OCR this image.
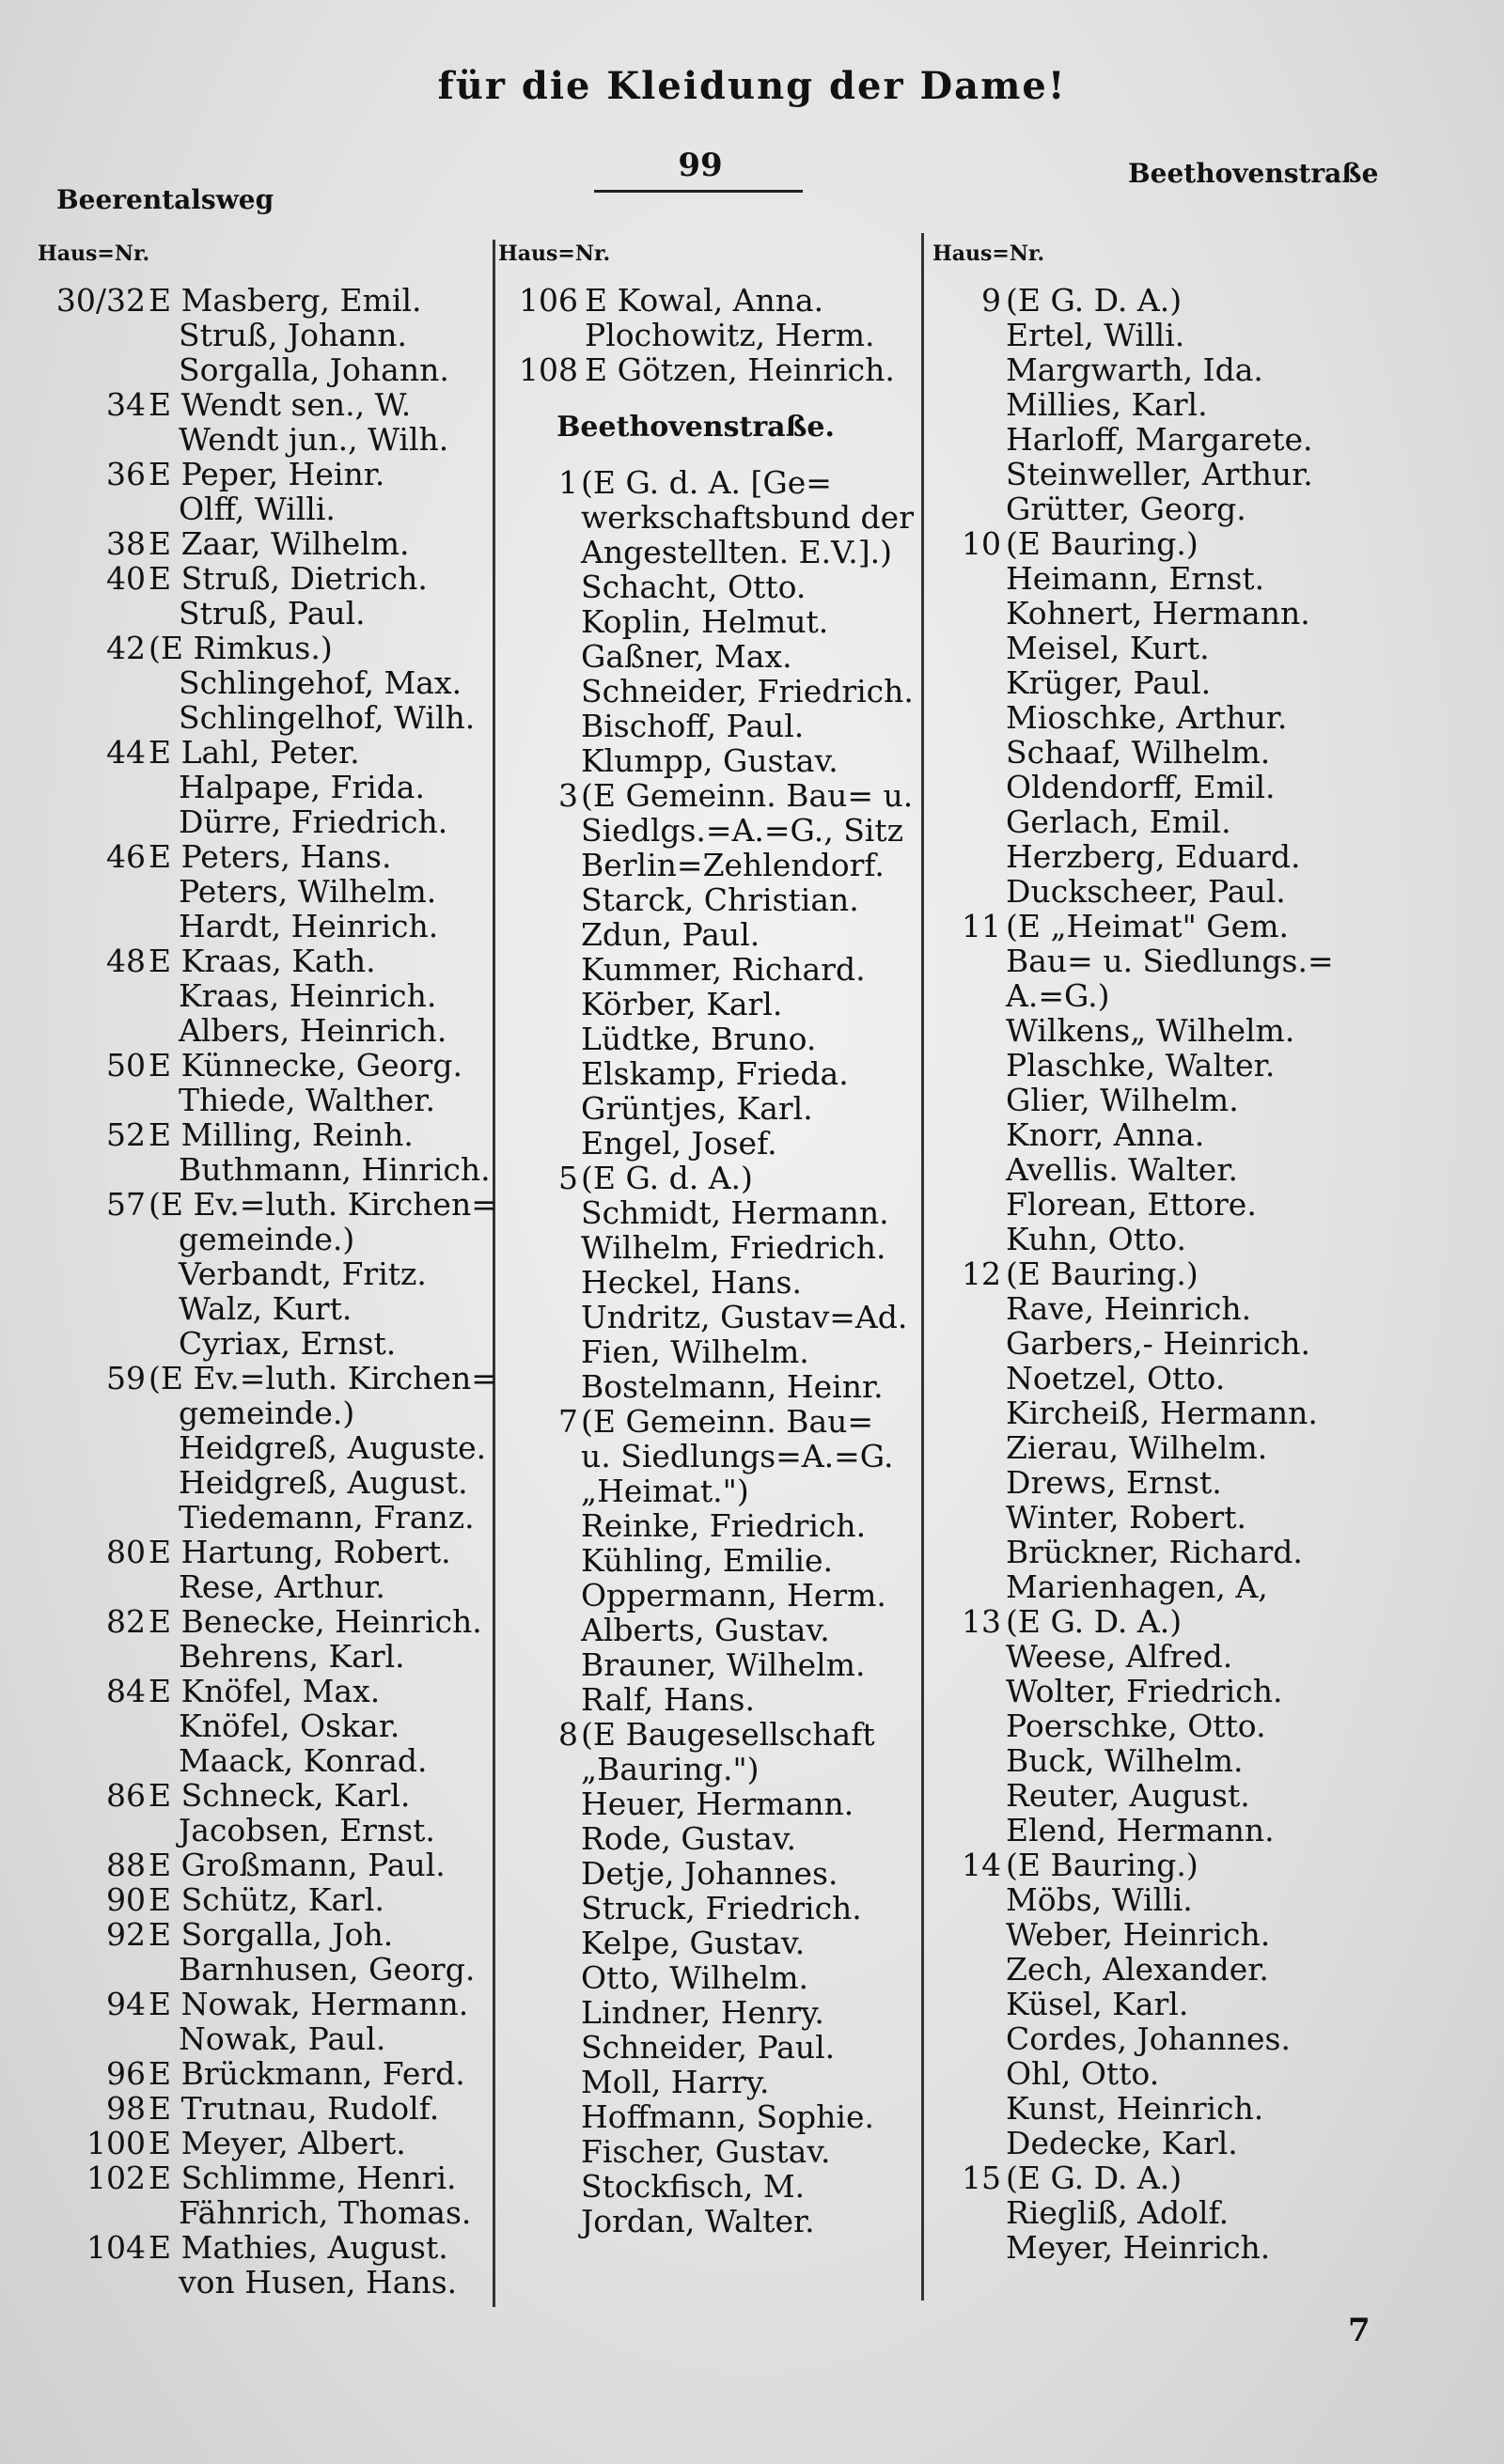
für die Kleidung der Dame!
Beerentalsweg
99	Beethovenstraße
Haus=Nr.
30/32 E Masberg, Emil.
Struß, Johann.
Sorgalla, Johann.
34 E Wendt sen., W.
Wendt jun., Wilh.
36 E Peper, Heinr.
Olff, Willi.
38 E Zaar, Wilhelm.
40 E Struß, Dietrich.
Struß, Paul.
42 (E Rimkus.)
Schlingehof, Max.
Schlingelhof, Wilh.
44 E Lahl, Peter.
Halpape, Frida.
Dürre, Friedrich.
46 E Peters, Hans.
Peters, Wilhelm.
Hardt, Heinrich.
48 E Kraas, Kath.
Kraas, Heinrich.
Albers, Heinrich.
50 E Künnecke, Georg.
Thiede, Walther.
52 E Milling, Reinh.
Buthmann, Hinrich.
57 (E Ev.=luth. Kirchen=
gemeinde.)
Verbandt, Fritz.
Walz, Kurt.
Cyriax, Ernst.
59 (E Ev.=luth. Kirchen=
gemeinde.)
Heidgreß, Auguste.
Heidgreß, August.
Tiedemann, Franz.
80 E Hartung, Robert.
Rese, Arthur.
82 E Benecke, Heinrich.
Behrens, Karl.
84 E Knöfel, Max.
Knöfel, Oskar.
Maack, Konrad.
86 E Schneck, Karl.
Jacobsen, Ernst.
88 E Großmann, Paul.
90 E Schütz, Karl.
92 E Sorgalla, Joh.
Barnhusen, Georg.
94 E Nowak, Hermann.
Nowak, Paul.
96 E Brückmann, Ferd.
98 E Trutnau, Rudolf.
100 E Meyer, Albert.
102 E Schlimme, Henri.
Fähnrich, Thomas.
104 E Mathies, August.
von Husen, Hans.
Haus=Nr.
106 E Kowal, Anna.
Plochowitz, Herm.
108 E Götzen, Heinrich.
Beethovenstraße.
1 (E G. d. A. [Ge=
werkschaftsbund der
Angestellten. E.V.].)
Schacht, Otto.
Koplin, Helmut.
Gaßner, Max.
Schneider, Friedrich.
Bischoff, Paul.
Klumpp, Gustav.
3 (E Gemeinn. Bau= u.
Siedlgs.=A.=G., Sitz
Berlin=Zehlendorf.
Starck, Christian.
Zdun, Paul.
Kummer, Richard.
Körber, Karl.
Lüdtke, Bruno.
Elskamp, Frieda.
Grüntjes, Karl.
Engel, Josef.
5 (E G. d. A.)
Schmidt, Hermann.
Wilhelm, Friedrich.
Heckel, Hans.
Undritz, Gustav=Ad.
Fien, Wilhelm.
Bostelmann, Heinr.
7 (E Gemeinn. Bau=
u. Siedlungs=A.=G.
„Heimat.")
Reinke, Friedrich.
Kühling, Emilie.
Oppermann, Herm.
Alberts, Gustav.
Brauner, Wilhelm.
Ralf, Hans.
8 (E Baugesellschaft
„Bauring.")
Heuer, Hermann.
Rode, Gustav.
Detje, Johannes.
Struck, Friedrich.
Kelpe, Gustav.
Otto, Wilhelm.
Lindner, Henry.
Schneider, Paul.
Moll, Harry.
Hoffmann, Sophie.
Fischer, Gustav.
Stockfisch, M.
Jordan, Walter.
Haus=Nr.
9 (E G. D. A.)
Ertel, Willi.
Margwarth, Ida.
Millies, Karl.
Harloff, Margarete.
Steinweller, Arthur.
Grütter, Georg.
10 (E Bauring.)
Heimann, Ernst.
Kohnert, Hermann.
Meisel, Kurt.
Krüger, Paul.
Mioschke, Arthur.
Schaaf, Wilhelm.
Oldendorff, Emil.
Gerlach, Emil.
Herzberg, Eduard.
Duckscheer, Paul.
11 (E „Heimat" Gem.
Bau= u. Siedlungs.=
A.=G.)
Wilkens„ Wilhelm.
Plaschke, Walter.
Glier, Wilhelm.
Knorr, Anna.
Avellis. Walter.
Florean, Ettore.
Kuhn, Otto.
12 (E Bauring.)
Rave, Heinrich.
Garbers,- Heinrich.
Noetzel, Otto.
Kircheiß, Hermann.
Zierau, Wilhelm.
Drews, Ernst.
Winter, Robert.
Brückner, Richard.
Marienhagen, A,
13 (E G. D. A.)
Weese, Alfred.
Wolter, Friedrich.
Poerschke, Otto.
Buck, Wilhelm.
Reuter, August.
Elend, Hermann.
14 (E Bauring.)
Möbs, Willi.
Weber, Heinrich.
Zech, Alexander.
Küsel, Karl.
Cordes, Johannes.
Ohl, Otto.
Kunst, Heinrich.
Dedecke, Karl.
15 (E G. D. A.)
Riegliß, Adolf.
Meyer, Heinrich.
7
